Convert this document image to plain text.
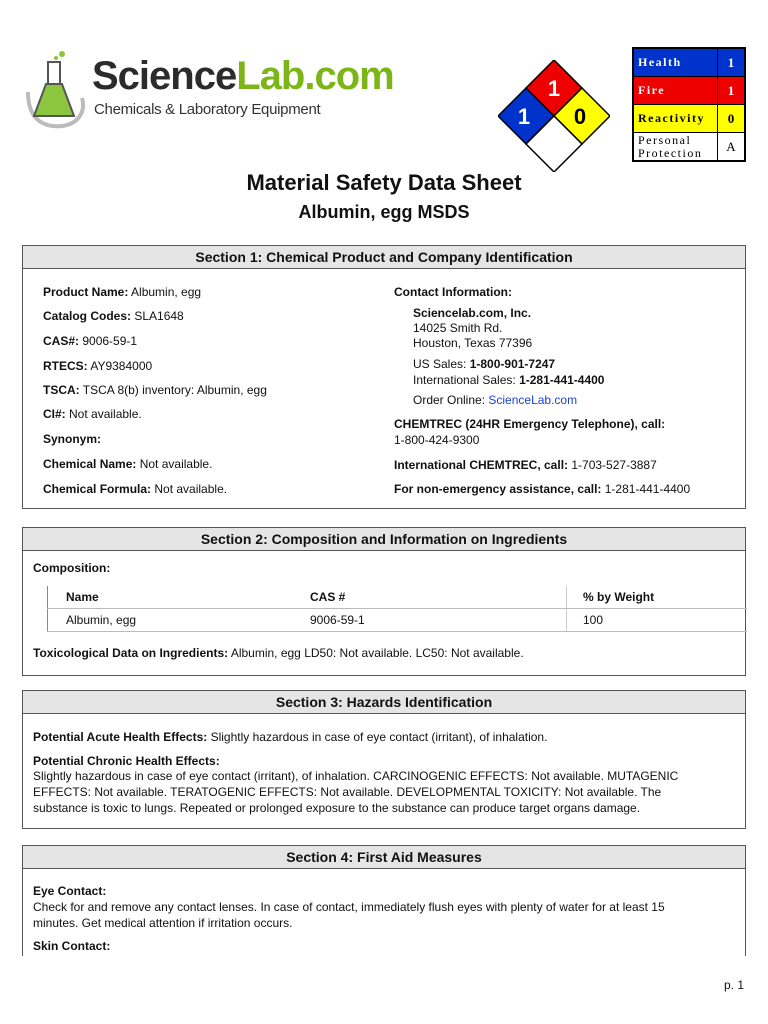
ScienceLab.com
Chemicals & Laboratory Equipment
1
1 0
Health	1
Fire	1
Reactivity	0
Personal
Protection	A
Material Safety Data Sheet
Albumin, egg MSDS
Section 1: Chemical Product and Company Identification
Product Name: Albumin, egg
Catalog Codes: SLA1648
CAS#: 9006-59-1
RTECS: AY9384000
TSCA: TSCA 8(b) inventory: Albumin, egg
CI#: Not available.
Synonym:
Chemical Name: Not available.
Chemical Formula: Not available.
Contact Information:
Sciencelab.com, Inc.
14025 Smith Rd.
Houston, Texas 77396
US Sales: 1-800-901-7247
International Sales: 1-281-441-4400
Order Online: ScienceLab.com
CHEMTREC (24HR Emergency Telephone), call:
1-800-424-9300
International CHEMTREC, call: 1-703-527-3887
For non-emergency assistance, call: 1-281-441-4400
Section 2: Composition and Information on Ingredients
Composition:
Name	CAS #	% by Weight
Albumin, egg	9006-59-1	100
Toxicological Data on Ingredients: Albumin, egg LD50: Not available. LC50: Not available.
Section 3: Hazards Identification
Potential Acute Health Effects: Slightly hazardous in case of eye contact (irritant), of inhalation.
Potential Chronic Health Effects:
Slightly hazardous in case of eye contact (irritant), of inhalation. CARCINOGENIC EFFECTS: Not available. MUTAGENIC
EFFECTS: Not available. TERATOGENIC EFFECTS: Not available. DEVELOPMENTAL TOXICITY: Not available. The
substance is toxic to lungs. Repeated or prolonged exposure to the substance can produce target organs damage.
Section 4: First Aid Measures
Eye Contact:
Check for and remove any contact lenses. In case of contact, immediately flush eyes with plenty of water for at least 15
minutes. Get medical attention if irritation occurs.
Skin Contact:
p. 1
